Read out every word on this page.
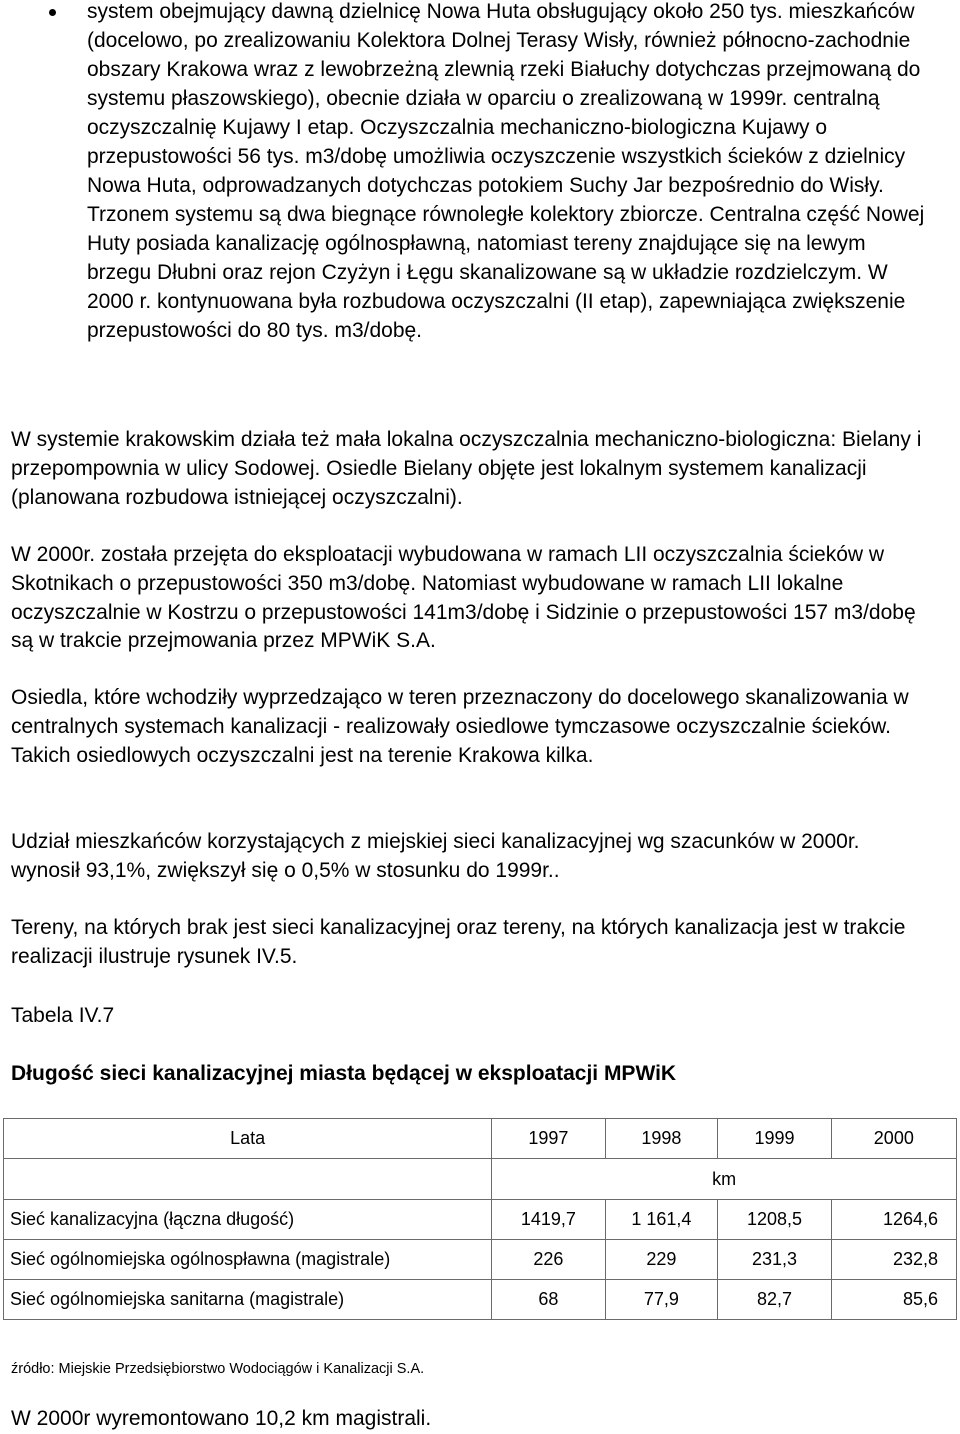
system obejmujący dawną dzielnicę Nowa Huta obsługujący około 250 tys. mieszkańców (docelowo, po zrealizowaniu Kolektora Dolnej Terasy Wisły, również północno-zachodnie obszary Krakowa wraz z lewobrzeżną zlewnią rzeki Białuchy dotychczas przejmowaną do systemu płaszowskiego), obecnie działa w oparciu o zrealizowaną w 1999r. centralną oczyszczalnię Kujawy I etap. Oczyszczalnia mechaniczno-biologiczna Kujawy o przepustowości 56 tys. m3/dobę umożliwia oczyszczenie wszystkich ścieków z dzielnicy Nowa Huta, odprowadzanych dotychczas potokiem Suchy Jar bezpośrednio do Wisły. Trzonem systemu są dwa biegnące równoległe kolektory zbiorcze. Centralna część Nowej Huty posiada kanalizację ogólnospławną, natomiast tereny znajdujące się na lewym brzegu Dłubni oraz rejon Czyżyn i Łęgu skanalizowane są w układzie rozdzielczym. W 2000 r. kontynuowana była rozbudowa oczyszczalni (II etap), zapewniająca zwiększenie przepustowości do 80 tys. m3/dobę.

W systemie krakowskim działa też mała lokalna oczyszczalnia mechaniczno-biologiczna: Bielany i przepompownia w ulicy Sodowej. Osiedle Bielany objęte jest lokalnym systemem kanalizacji (planowana rozbudowa istniejącej oczyszczalni).

W 2000r. została przejęta do eksploatacji wybudowana w ramach LII oczyszczalnia ścieków w Skotnikach o przepustowości 350 m3/dobę. Natomiast wybudowane w ramach LII lokalne oczyszczalnie w Kostrzu o przepustowości 141m3/dobę i Sidzinie o przepustowości 157 m3/dobę są w trakcie przejmowania przez MPWiK S.A.

Osiedla, które wchodziły wyprzedzająco w teren przeznaczony do docelowego skanalizowania w centralnych systemach kanalizacji - realizowały osiedlowe tymczasowe oczyszczalnie ścieków. Takich osiedlowych oczyszczalni jest na terenie Krakowa kilka.

Udział mieszkańców korzystających z miejskiej sieci kanalizacyjnej wg szacunków w 2000r. wynosił 93,1%, zwiększył się o 0,5% w stosunku do 1999r..

Tereny, na których brak jest sieci kanalizacyjnej oraz tereny, na których kanalizacja jest w trakcie realizacji ilustruje rysunek IV.5.

Tabela IV.7

Długość sieci kanalizacyjnej miasta będącej w eksploatacji MPWiK

Lata	1997	1998	1999	2000
	km			
Sieć kanalizacyjna (łączna długość)	1419,7	1 161,4	1208,5	1264,6
Sieć ogólnomiejska ogólnospławna (magistrale)	226	229	231,3	232,8
Sieć ogólnomiejska sanitarna (magistrale)	68	77,9	82,7	85,6
źródło: Miejskie Przedsiębiorstwo Wodociągów i Kanalizacji S.A.

W 2000r wyremontowano 10,2 km magistrali.
